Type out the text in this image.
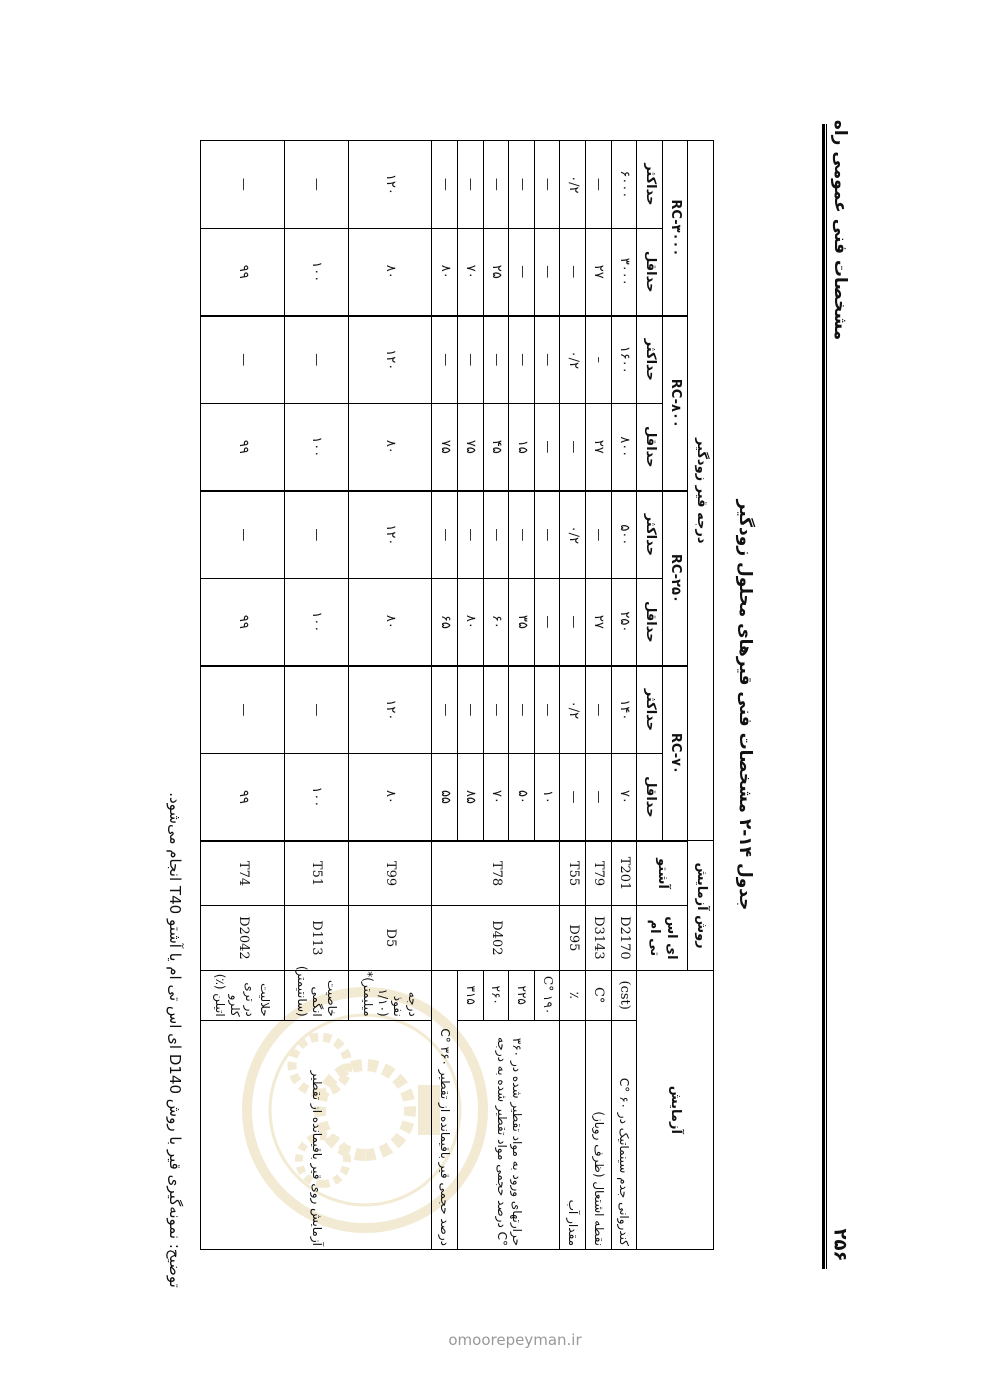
مشخصات فنی عمومی راه
۲۵۶
جدول ۱۴-۲ مشخصات فنی قیرهای محلول زودگیر
آزمایش		روش آزمایش		درجه قیر زودگیر							
		ای اس تی ام	آشتو	RC-۷۰		RC-۲۵۰		RC-۸۰۰		RC-۳۰۰۰	
				حداقل	حداکثر	حداقل	حداکثر	حداقل	حداکثر	حداقل	حداکثر
کندروانی جدم سینماتیک در ۶۰ °C	(cst)	D2170	T201	۷۰	۱۴۰	۲۵۰	۵۰۰	۸۰۰	۱۶۰۰	۳۰۰۰	۶۰۰۰
نقطه اشتعال (ظرف روباز)	°C	D3143	T79	—	—	۲۷	—	۲۷	–	۲۷	—
مقدار آب	٪	D95	T55	—	۰/۲	—	۰/۲	—	۰/۲	—	۰/۲
حرارتهای ورود به مواد تقطیر شده در ۳۶۰ °C درصد حجمی مواد تقطیر شده به درجه	۱۹۰ °C	D402	T78	۱۰	—	—	—	—	—	—	—
	۲۲۵			۵۰	—	۳۵	—	۱۵	—	—	—
	۲۶۰			۷۰	—	۶۰	—	۴۵	—	۲۵	—
	۳۱۵			۸۵	—	۸۰	—	۷۵	—	۷۰	—
درصد حجمی قیر باقیمانده از تقطیر ۳۶۰ °C				۵۵	—	۶۵	—	۷۵	—	۸۰	—
آزمایش روی قیر باقیمانده از تقطیر	درجه نفوذ (۱/۱۰ میلیمتر)*	D5	T99	۸۰	۱۲۰	۸۰	۱۲۰	۸۰	۱۲۰	۸۰	۱۲۰
	خاصیت انگمی (سانتیمتر)	D113	T51	۱۰۰	—	۱۰۰	—	۱۰۰	—	۱۰۰	—
	حلالیت در تری کلرو اتیلن (٪)	D2042	T74	۹۹	—	۹۹	—	۹۹	—	۹۹	—
توضیح: نمونه‌گیری قیر با روش D140 ای اس تی ام یا آشتو T40 انجام می‌شود.
omoorepeyman.ir
